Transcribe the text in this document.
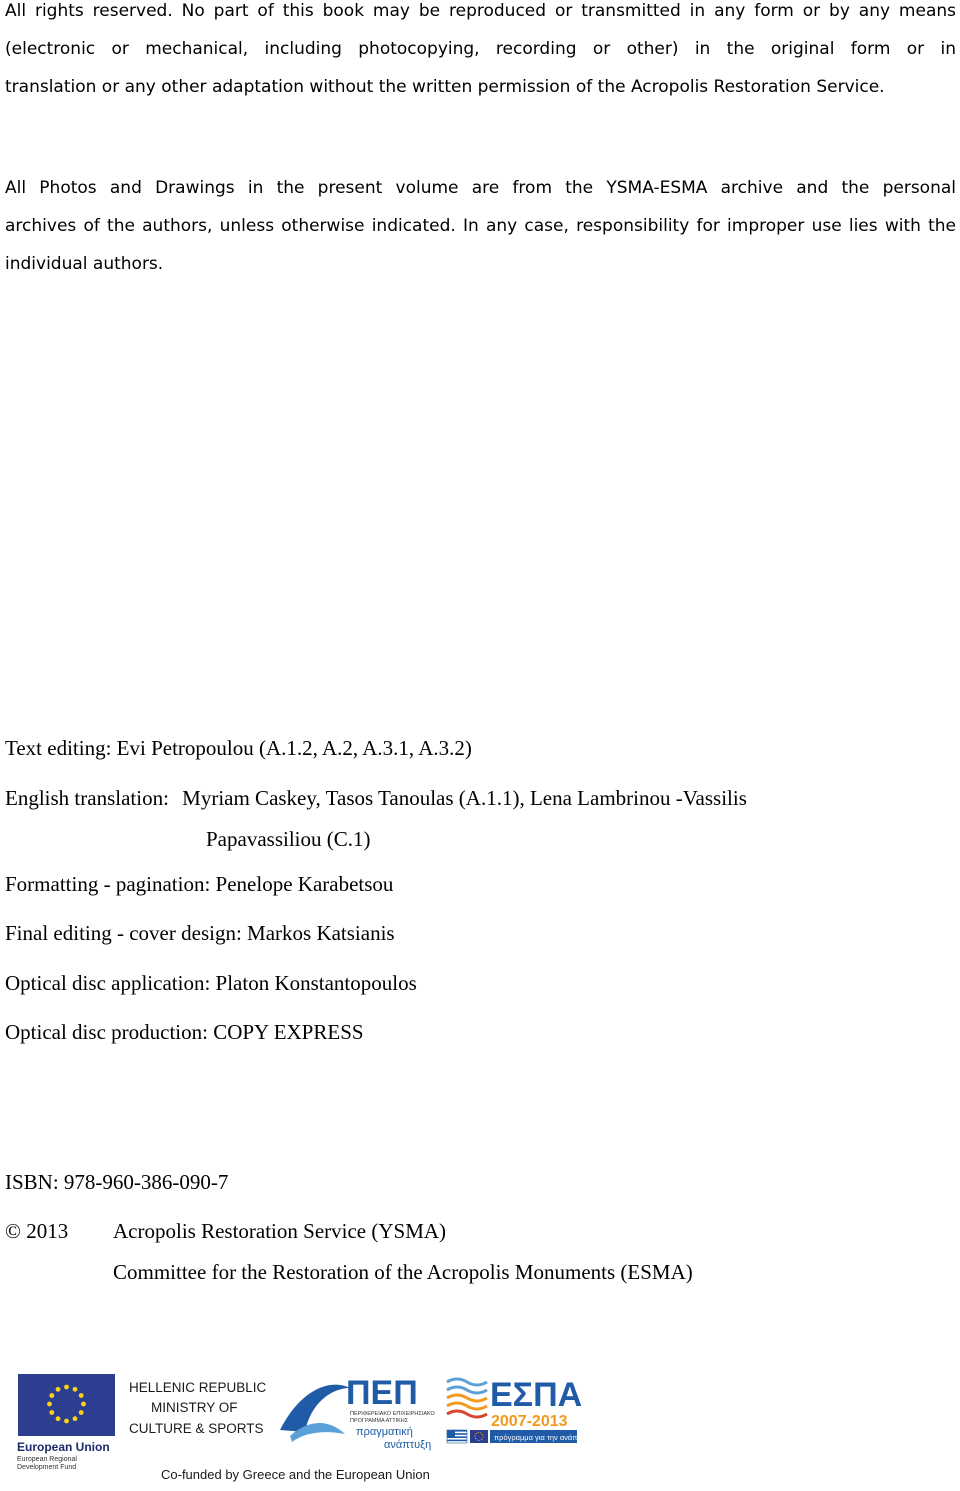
All rights reserved. No part of this book may be reproduced or transmitted in any form or by any means
(electronic or mechanical, including photocopying, recording or other) in the original form or in
translation or any other adaptation without the written permission of the Acropolis Restoration Service.
All Photos and Drawings in the present volume are from the YSMA-ESMA archive and the personal
archives of the authors, unless otherwise indicated. In any case, responsibility for improper use lies with the
individual authors.
Text editing: Evi Petropoulou (A.1.2, A.2, A.3.1, A.3.2)
English translation: Myriam Caskey, Tasos Tanoulas (A.1.1), Lena Lambrinou -Vassilis
Papavassiliou (C.1)
Formatting - pagination: Penelope Karabetsou
Final editing - cover design: Markos Katsianis
Optical disc application: Platon Konstantopoulos
Optical disc production: COPY EXPRESS
ISBN: 978-960-386-090-7
© 2013 Acropolis Restoration Service (YSMA)
Committee for the Restoration of the Acropolis Monuments (ESMA)
European Union
European Regional
Development Fund
HELLENIC REPUBLIC
MINISTRY OF
CULTURE & SPORTS
ΠΕΠ
ΠΕΡΙΦΕΡΕΙΑΚΟ ΕΠΙΧΕΙΡΗΣΙΑΚΟ
ΠΡΟΓΡΑΜΜΑ ΑΤΤΙΚΗΣ
πραγματική
ανάπτυξη
ΕΣΠΑ
2007-2013
πρόγραμμα για την ανάπτυξη
Co-funded by Greece and the European Union
